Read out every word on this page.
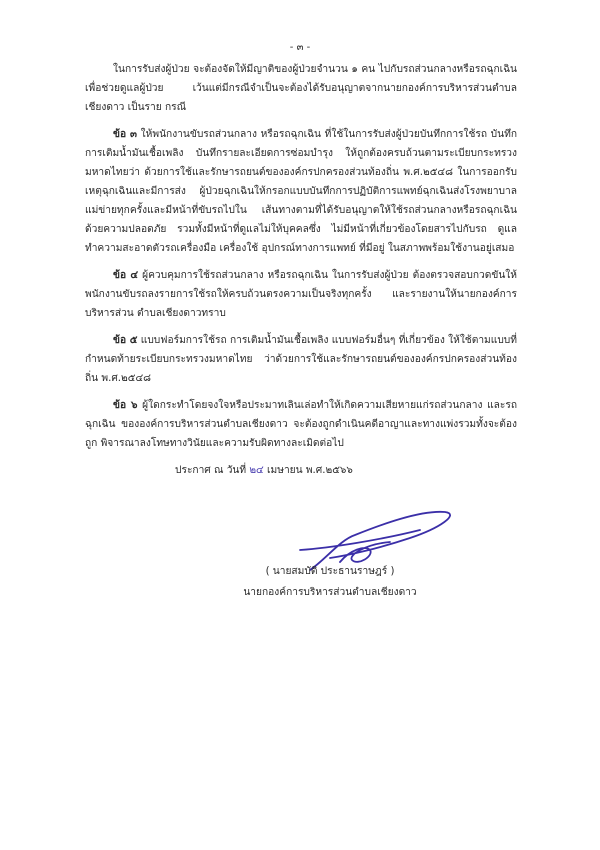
- ๓ -

ในการรับส่งผู้ป่วย จะต้องจัดให้มีญาติของผู้ป่วยจำนวน ๑ คน ไปกับรถส่วนกลางหรือรถฉุกเฉิน เพื่อช่วยดูแลผู้ป่วย เว้นแต่มีกรณีจำเป็นจะต้องได้รับอนุญาตจากนายกองค์การบริหารส่วนตำบลเชียงดาว เป็นราย กรณี

ข้อ ๓ ให้พนักงานขับรถส่วนกลาง หรือรถฉุกเฉิน ที่ใช้ในการรับส่งผู้ป่วยบันทึกการใช้รถ บันทึก การเติมน้ำมันเชื้อเพลิง บันทึกรายละเอียดการซ่อมบำรุง ให้ถูกต้องครบถ้วนตามระเบียบกระทรวงมหาดไทยว่า ด้วยการใช้และรักษารถยนต์ขององค์กรปกครองส่วนท้องถิ่น พ.ศ.๒๕๔๘ ในการออกรับเหตุฉุกเฉินและมีการส่ง ผู้ป่วยฉุกเฉินให้กรอกแบบบันทึกการปฏิบัติการแพทย์ฉุกเฉินส่งโรงพยาบาลแม่ข่ายทุกครั้งและมีหน้าที่ขับรถไปใน เส้นทางตามที่ได้รับอนุญาตให้ใช้รถส่วนกลางหรือรถฉุกเฉิน ด้วยความปลอดภัย รวมทั้งมีหน้าที่ดูแลไม่ให้บุคคลซึ่ง ไม่มีหน้าที่เกี่ยวข้องโดยสารไปกับรถ ดูแล ทำความสะอาดตัวรถเครื่องมือ เครื่องใช้ อุปกรณ์ทางการแพทย์ ที่มีอยู่ ในสภาพพร้อมใช้งานอยู่เสมอ

ข้อ ๔ ผู้ควบคุมการใช้รถส่วนกลาง หรือรถฉุกเฉิน ในการรับส่งผู้ป่วย ต้องตรวจสอบกวดขันให้ พนักงานขับรถลงรายการใช้รถให้ครบถ้วนตรงความเป็นจริงทุกครั้ง และรายงานให้นายกองค์การบริหารส่วน ตำบลเชียงดาวทราบ

ข้อ ๕ แบบฟอร์มการใช้รถ การเติมน้ำมันเชื้อเพลิง แบบฟอร์มอื่นๆ ที่เกี่ยวข้อง ให้ใช้ตามแบบที่ กำหนดท้ายระเบียบกระทรวงมหาดไทย ว่าด้วยการใช้และรักษารถยนต์ขององค์กรปกครองส่วนท้องถิ่น พ.ศ.๒๕๔๘

ข้อ ๖ ผู้ใดกระทำโดยจงใจหรือประมาทเลินเล่อทำให้เกิดความเสียหายแก่รถส่วนกลาง และรถฉุกเฉิน ขององค์การบริหารส่วนตำบลเชียงดาว จะต้องถูกดำเนินคดีอาญาและทางแพ่งรวมทั้งจะต้องถูก พิจารณาลงโทษทางวินัยและความรับผิดทางละเมิดต่อไป

ประกาศ ณ วันที่ ๒๔ เมษายน พ.ศ.๒๕๖๖
( นายสมบัติ ประธานราษฎร์ )
นายกองค์การบริหารส่วนตำบลเชียงดาว
